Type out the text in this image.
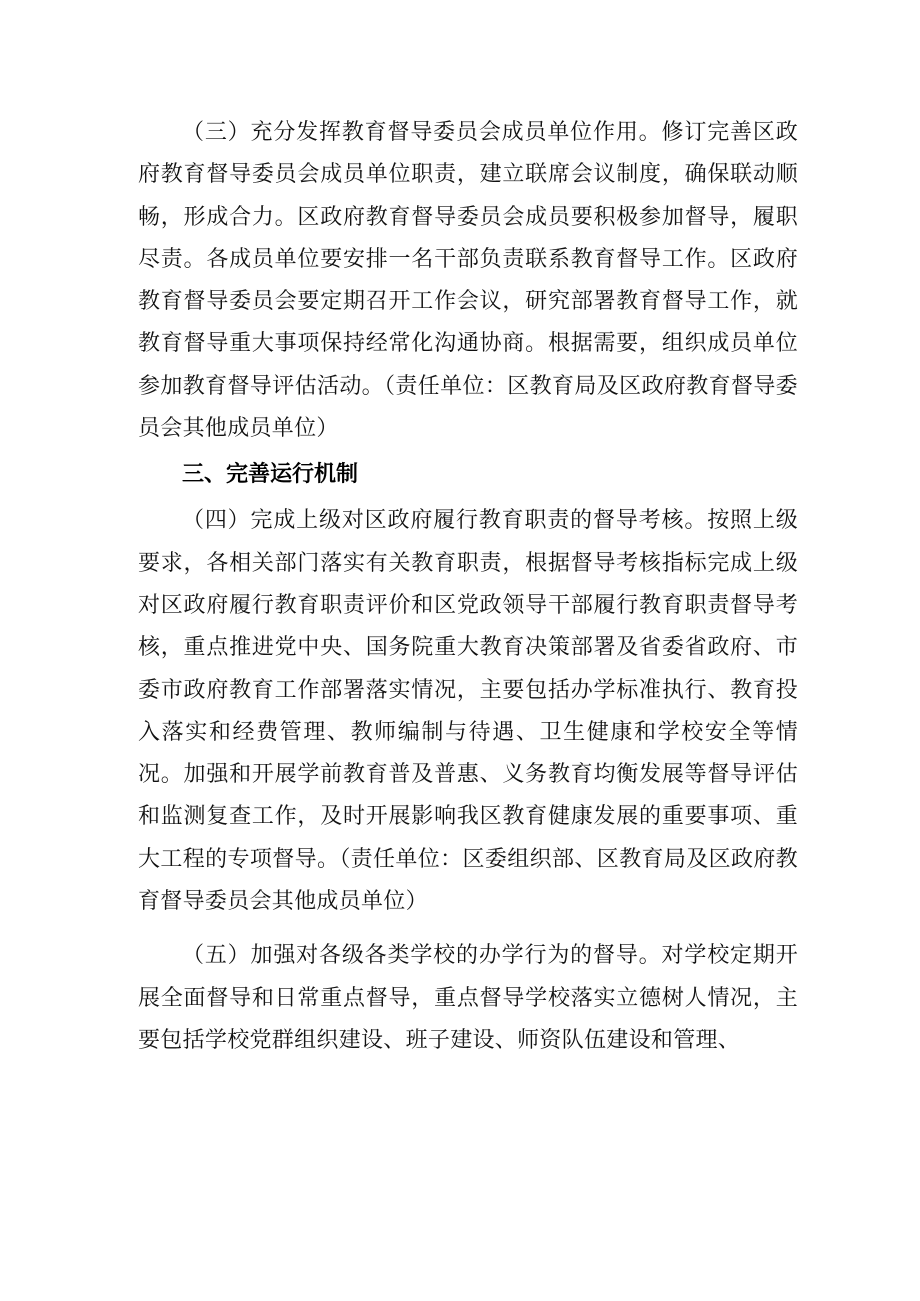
（三）充分发挥教育督导委员会成员单位作用。修订完善区政府教育督导委员会成员单位职责，建立联席会议制度，确保联动顺畅，形成合力。区政府教育督导委员会成员要积极参加督导，履职尽责。各成员单位要安排一名干部负责联系教育督导工作。区政府教育督导委员会要定期召开工作会议，研究部署教育督导工作，就教育督导重大事项保持经常化沟通协商。根据需要，组织成员单位参加教育督导评估活动。（责任单位：区教育局及区政府教育督导委员会其他成员单位）

三、完善运行机制

（四）完成上级对区政府履行教育职责的督导考核。按照上级要求，各相关部门落实有关教育职责，根据督导考核指标完成上级对区政府履行教育职责评价和区党政领导干部履行教育职责督导考核，重点推进党中央、国务院重大教育决策部署及省委省政府、市委市政府教育工作部署落实情况，主要包括办学标准执行、教育投入落实和经费管理、教师编制与待遇、卫生健康和学校安全等情况。加强和开展学前教育普及普惠、义务教育均衡发展等督导评估和监测复查工作，及时开展影响我区教育健康发展的重要事项、重大工程的专项督导。（责任单位：区委组织部、区教育局及区政府教育督导委员会其他成员单位）

（五）加强对各级各类学校的办学行为的督导。对学校定期开展全面督导和日常重点督导，重点督导学校落实立德树人情况，主要包括学校党群组织建设、班子建设、师资队伍建设和管理、
